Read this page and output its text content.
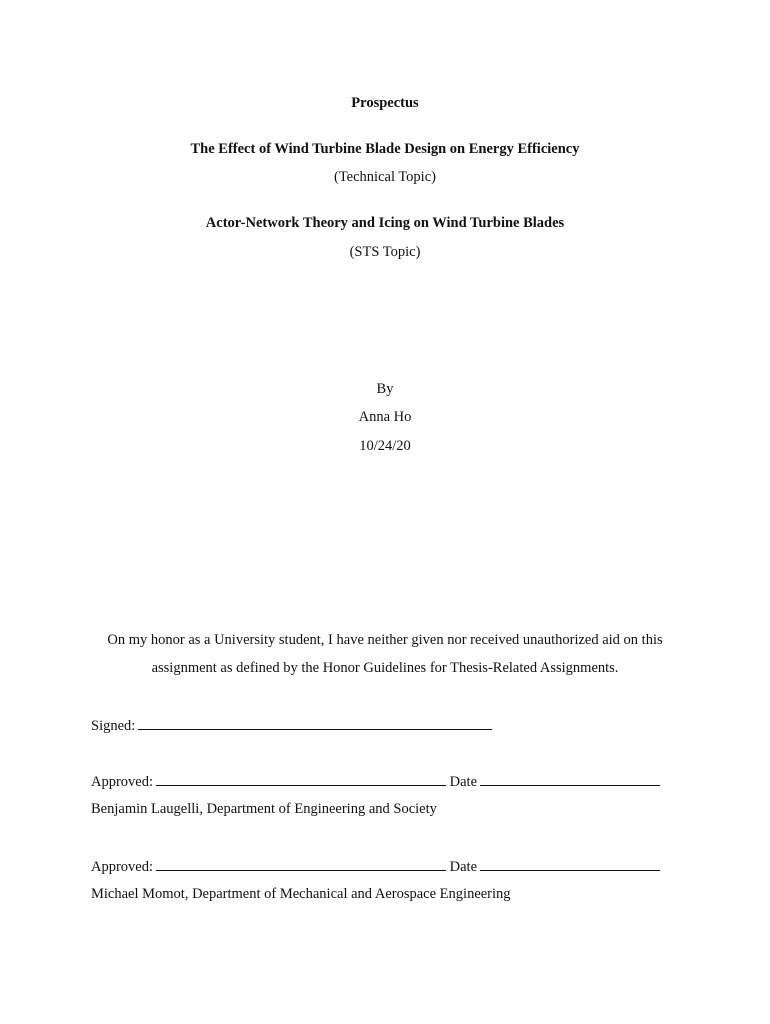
Prospectus
The Effect of Wind Turbine Blade Design on Energy Efficiency
(Technical Topic)
Actor-Network Theory and Icing on Wind Turbine Blades
(STS Topic)
By
Anna Ho
10/24/20
On my honor as a University student, I have neither given nor received unauthorized aid on this
assignment as defined by the Honor Guidelines for Thesis-Related Assignments.
Signed:
Approved:	Date
Benjamin Laugelli, Department of Engineering and Society
Approved:	Date
Michael Momot, Department of Mechanical and Aerospace Engineering
